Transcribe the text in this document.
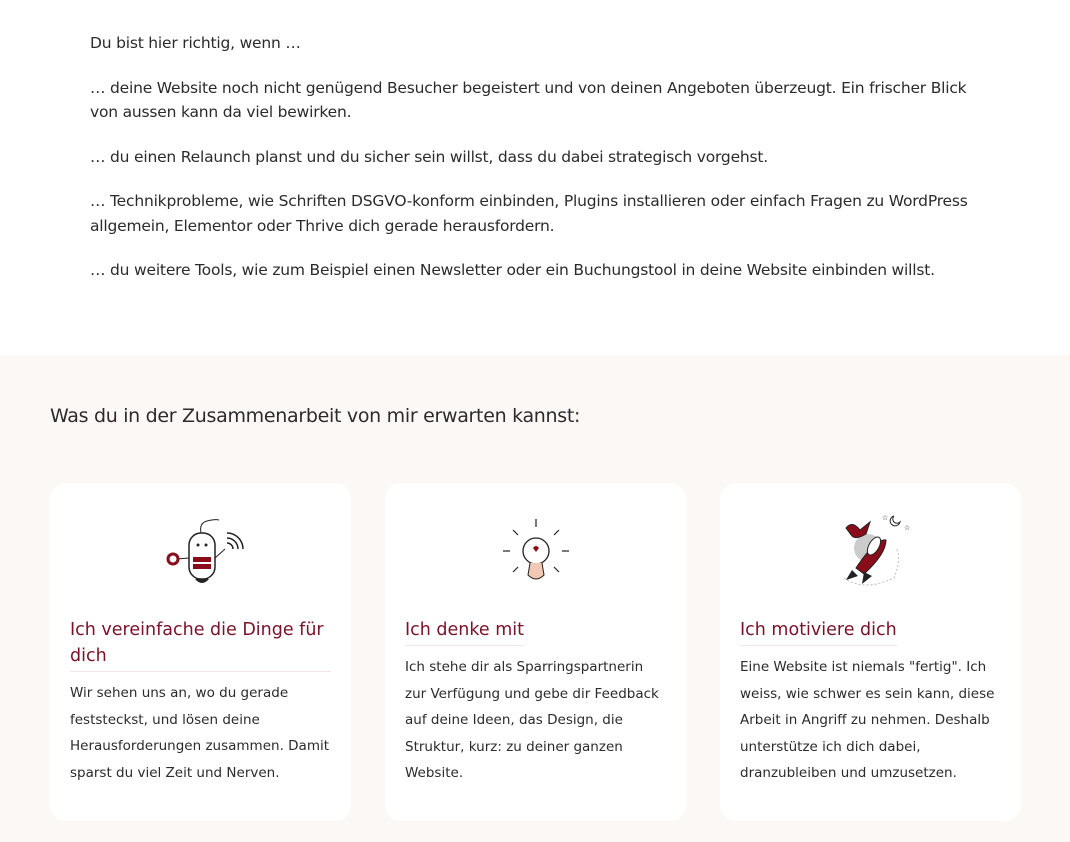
Du bist hier richtig, wenn …

… deine Website noch nicht genügend Besucher begeistert und von deinen Angeboten überzeugt. Ein frischer Blick von aussen kann da viel bewirken.

… du einen Relaunch planst und du sicher sein willst, dass du dabei strategisch vorgehst.

… Technikprobleme, wie Schriften DSGVO-konform einbinden, Plugins installieren oder einfach Fragen zu WordPress allgemein, Elementor oder Thrive dich gerade herausfordern.

… du weitere Tools, wie zum Beispiel einen Newsletter oder ein Buchungstool in deine Website einbinden willst.

Was du in der Zusammenarbeit von mir erwarten kannst:
Ich vereinfache die Dinge für dich

Wir sehen uns an, wo du gerade feststeckst, und lösen deine Herausforderungen zusammen. Damit sparst du viel Zeit und Nerven.

Ich denke mit

Ich stehe dir als Sparringspartnerin zur Verfügung und gebe dir Feedback auf deine Ideen, das Design, die Struktur, kurz: zu deiner ganzen Website.

☆
☆
Ich motiviere dich

Eine Website ist niemals "fertig". Ich weiss, wie schwer es sein kann, diese Arbeit in Angriff zu nehmen. Deshalb unterstütze ich dich dabei, dranzubleiben und umzusetzen.
